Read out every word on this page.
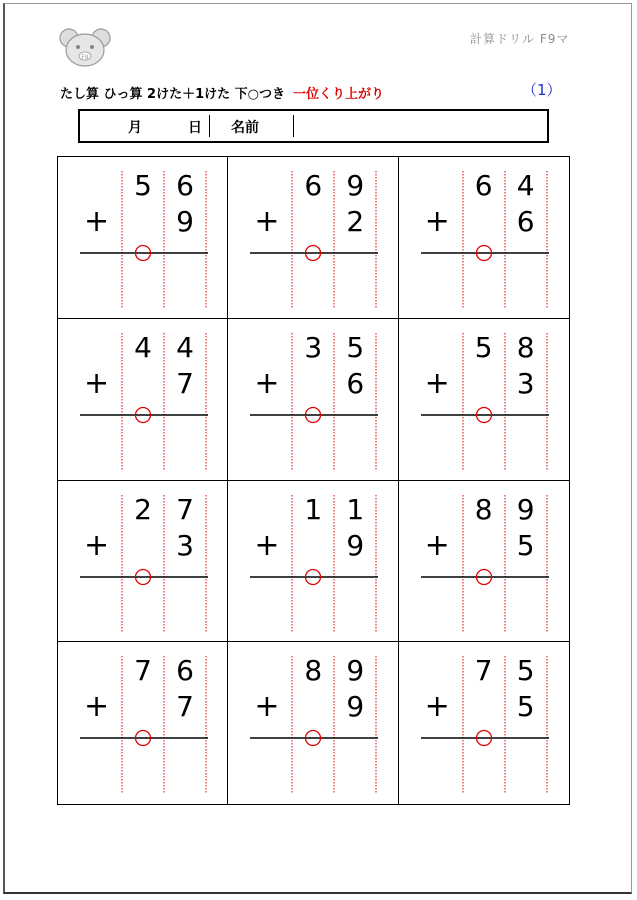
F9
計算ドリル F9マ
たし算 ひっ算 2けた＋1けた 下○つき 一位くり上がり	（1）
月	日 名前
5 6
+ 9
6 9
+ 2
6 4
+ 6
4 4
+ 7
3 5
+ 6
5 8
+ 3
2 7
+ 3
1 1
+ 9
8 9
+ 5
7 6
+ 7
8 9
+ 9
7 5
+ 5
